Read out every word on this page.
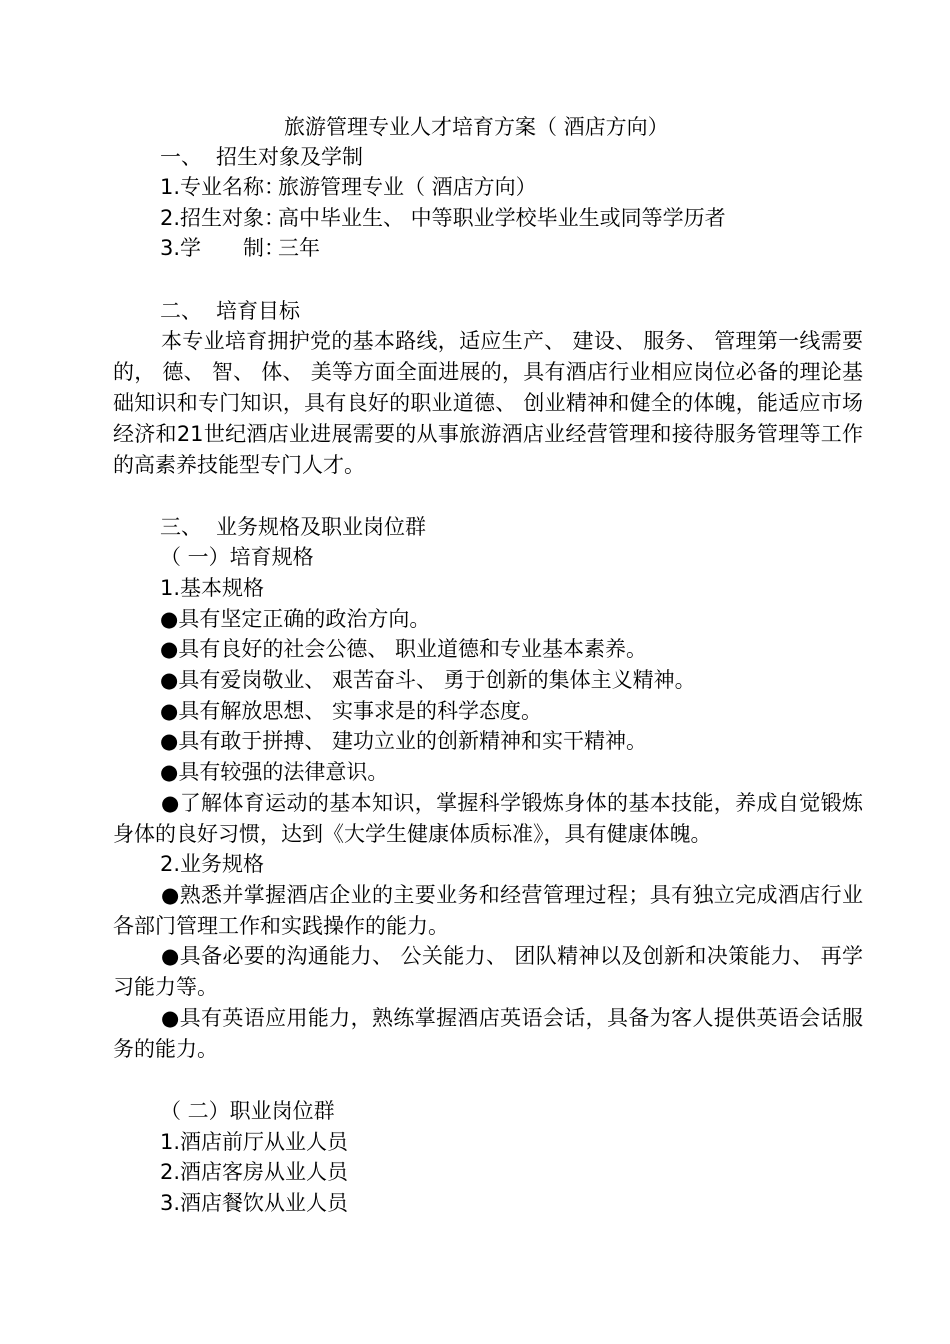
旅游管理专业人才培育方案（ 酒店方向）
一、 招生对象及学制
1.专业名称：旅游管理专业（ 酒店方向）
2.招生对象：高中毕业生、 中等职业学校毕业生或同等学历者
3.学　　制：三年
二、 培育目标
本专业培育拥护党的基本路线，适应生产、 建设、 服务、 管理第一线需要的， 德、 智、 体、 美等方面全面进展的，具有酒店行业相应岗位必备的理论基础知识和专门知识，具有良好的职业道德、 创业精神和健全的体魄，能适应市场经济和21世纪酒店业进展需要的从事旅游酒店业经营管理和接待服务管理等工作的高素养技能型专门人才。
三、 业务规格及职业岗位群
（ 一）培育规格
1.基本规格
●具有坚定正确的政治方向。
●具有良好的社会公德、 职业道德和专业基本素养。
●具有爱岗敬业、 艰苦奋斗、 勇于创新的集体主义精神。
●具有解放思想、 实事求是的科学态度。
●具有敢于拼搏、 建功立业的创新精神和实干精神。
●具有较强的法律意识。
●了解体育运动的基本知识，掌握科学锻炼身体的基本技能，养成自觉锻炼身体的良好习惯，达到《大学生健康体质标准》，具有健康体魄。
2.业务规格
●熟悉并掌握酒店企业的主要业务和经营管理过程；具有独立完成酒店行业各部门管理工作和实践操作的能力。
●具备必要的沟通能力、 公关能力、 团队精神以及创新和决策能力、 再学习能力等。
●具有英语应用能力，熟练掌握酒店英语会话，具备为客人提供英语会话服务的能力。
（ 二）职业岗位群
1.酒店前厅从业人员
2.酒店客房从业人员
3.酒店餐饮从业人员
